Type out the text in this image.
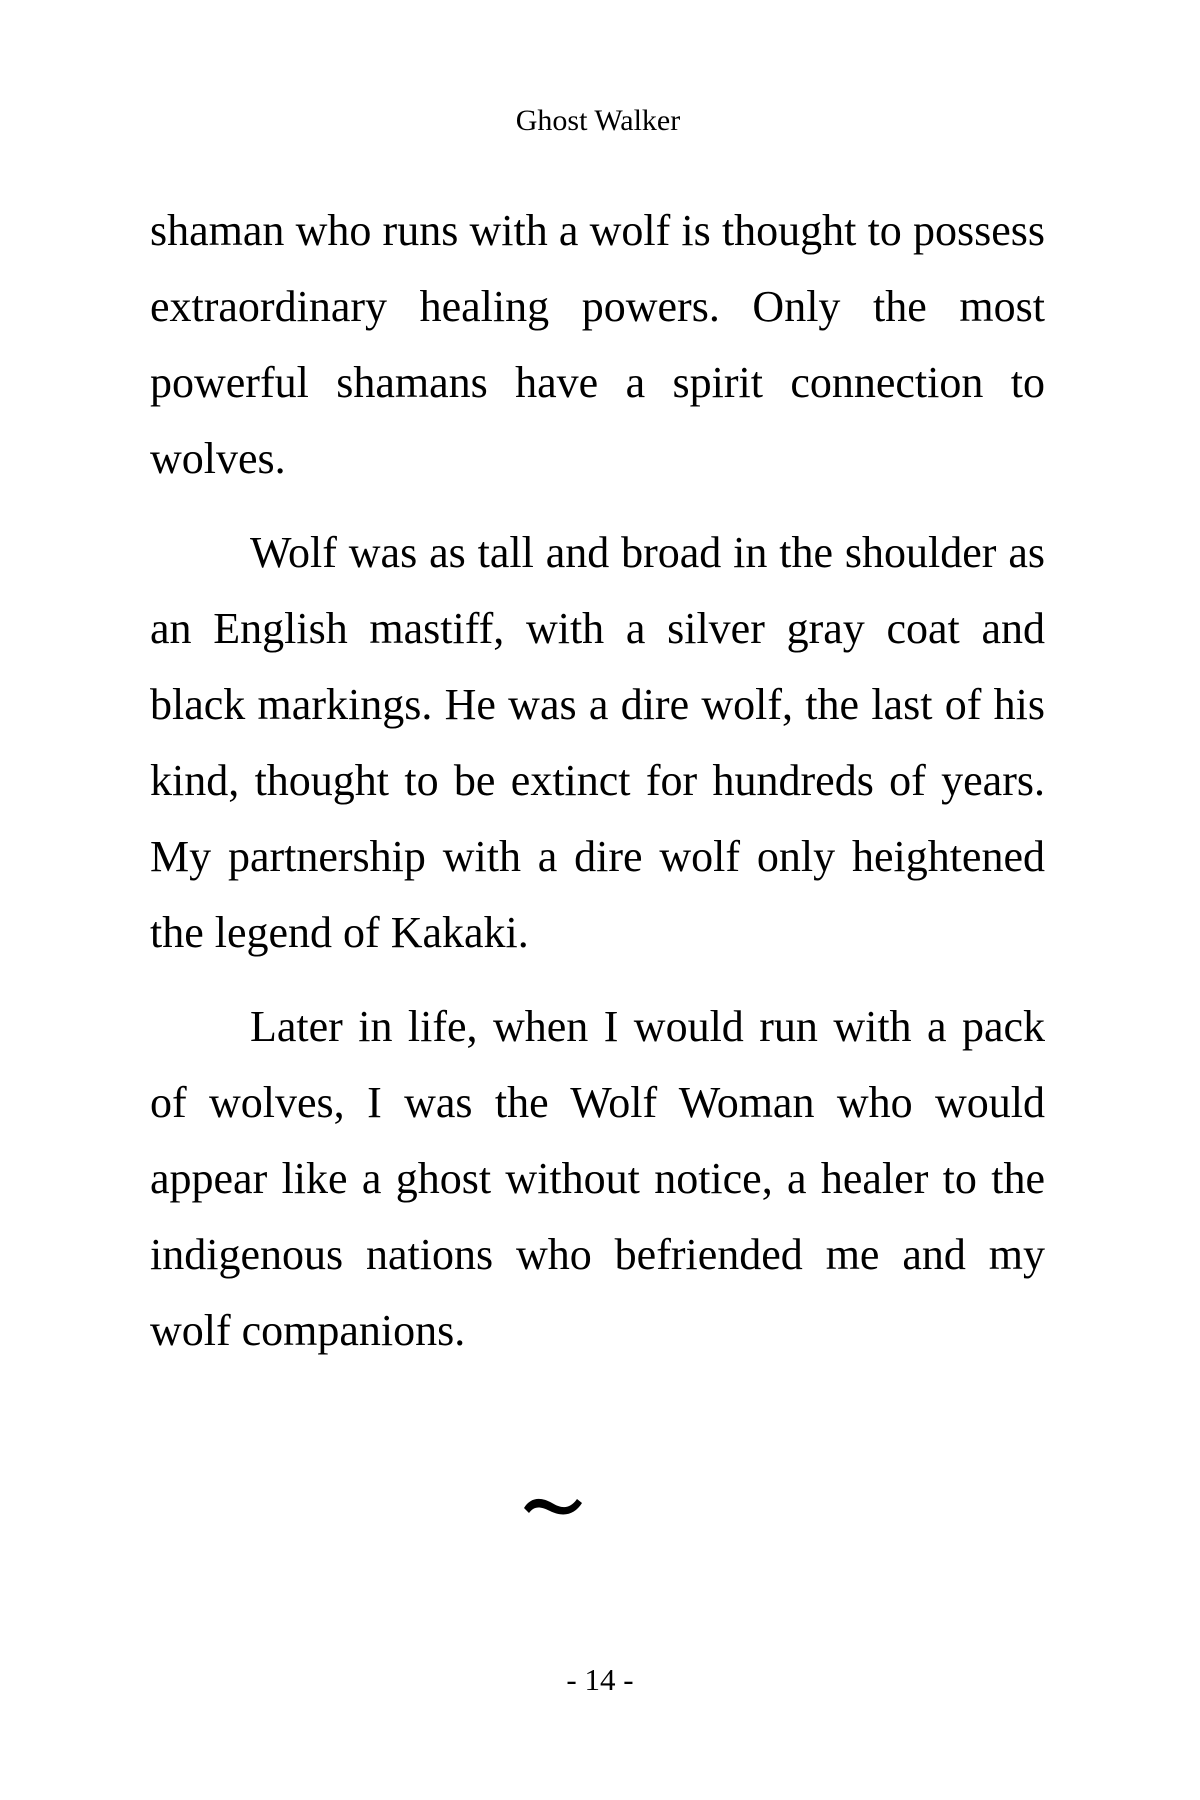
Ghost Walker

shaman who runs with a wolf is thought to possess extraordinary healing powers. Only the most powerful shamans have a spirit connection to wolves.

Wolf was as tall and broad in the shoulder as an English mastiff, with a silver gray coat and black markings. He was a dire wolf, the last of his kind, thought to be extinct for hundreds of years. My partnership with a dire wolf only heightened the legend of Kakaki.

Later in life, when I would run with a pack of wolves, I was the Wolf Woman who would appear like a ghost without notice, a healer to the indigenous nations who befriended me and my wolf companions.

- 14 -
